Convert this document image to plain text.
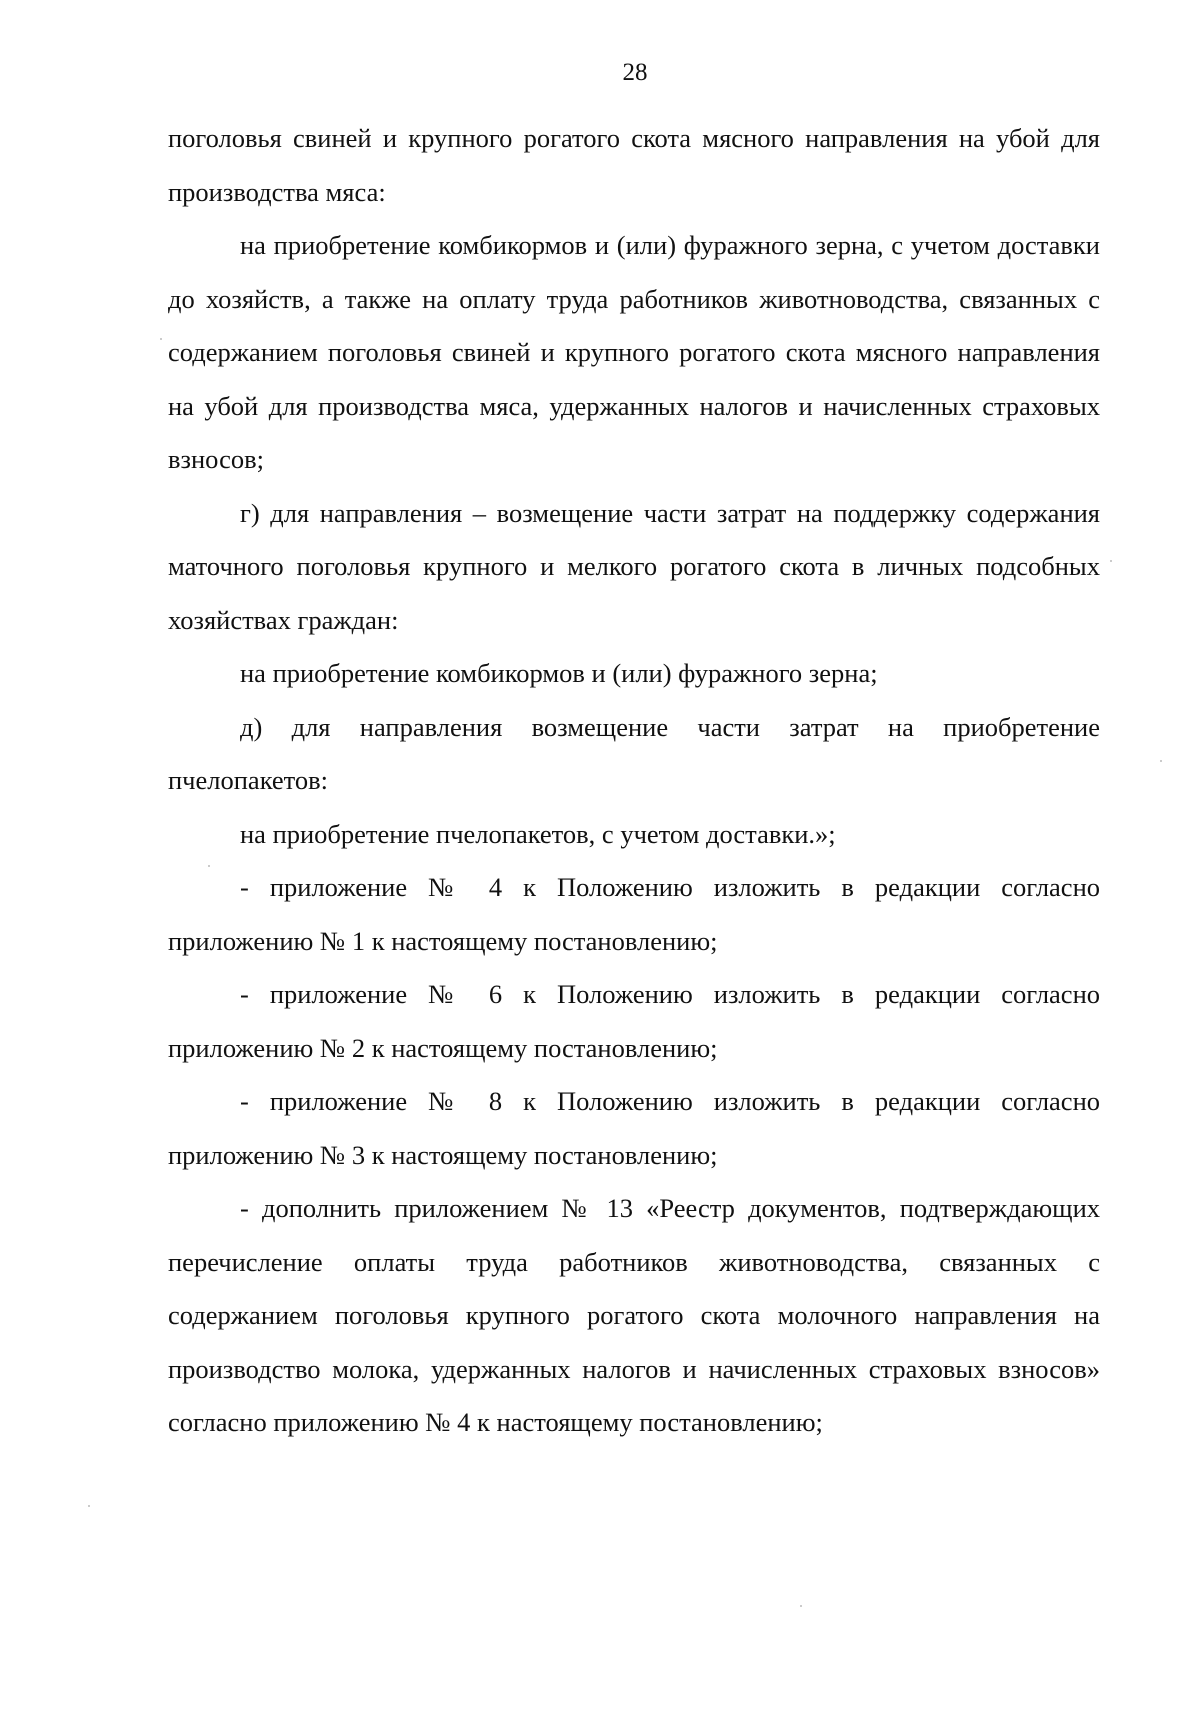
28

поголовья свиней и крупного рогатого скота мясного направления на убой для производства мяса:

на приобретение комбикормов и (или) фуражного зерна, с учетом доставки до хозяйств, а также на оплату труда работников животноводства, связанных с содержанием поголовья свиней и крупного рогатого скота мясного направления на убой для производства мяса, удержанных налогов и начисленных страховых взносов;

г) для направления – возмещение части затрат на поддержку содержания маточного поголовья крупного и мелкого рогатого скота в личных подсобных хозяйствах граждан:

на приобретение комбикормов и (или) фуражного зерна;

д) для направления возмещение части затрат на приобретение пчелопакетов:

на приобретение пчелопакетов, с учетом доставки.»;

- приложение № 4 к Положению изложить в редакции согласно приложению № 1 к настоящему постановлению;

- приложение № 6 к Положению изложить в редакции согласно приложению № 2 к настоящему постановлению;

- приложение № 8 к Положению изложить в редакции согласно приложению № 3 к настоящему постановлению;

- дополнить приложением № 13 «Реестр документов, подтверждающих перечисление оплаты труда работников животноводства, связанных с содержанием поголовья крупного рогатого скота молочного направления на производство молока, удержанных налогов и начисленных страховых взносов» согласно приложению № 4 к настоящему постановлению;
